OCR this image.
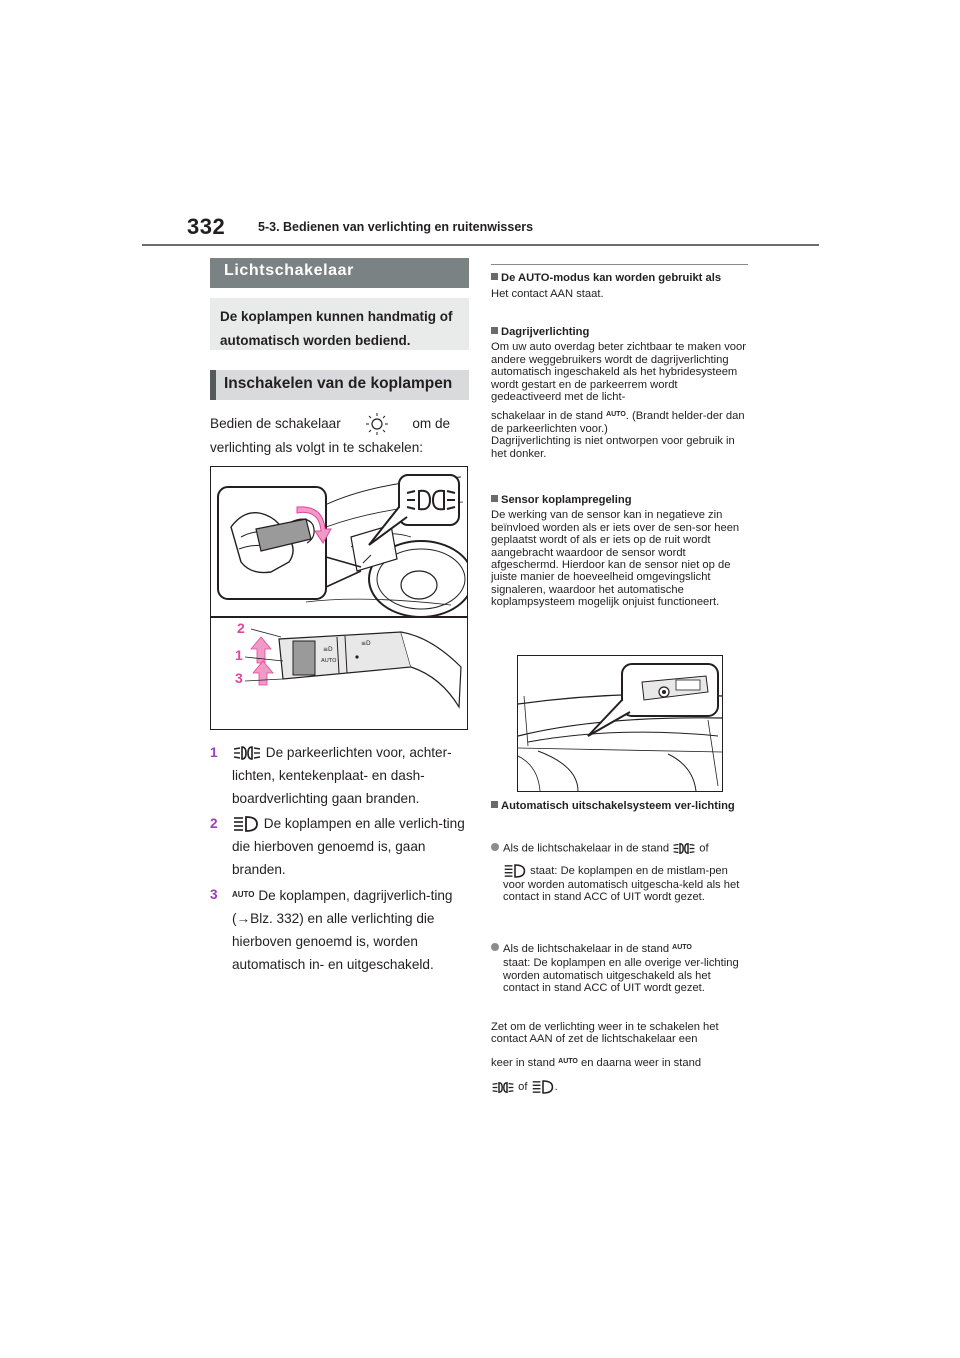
332	5-3. Bedienen van verlichting en ruitenwissers
Lichtschakelaar
De koplampen kunnen handmatig of automatisch worden bediend.
Inschakelen van de koplampen
Bedien de schakelaar	om de verlichting als volgt in te schakelen:
≡D
AUTO
≡D
2
1
3
1	De parkeerlichten voor, achter-lichten, kentekenplaat- en dash-boardverlichting gaan branden.
2	De koplampen en alle verlich-ting die hierboven genoemd is, gaan branden.
3 $^{AUTO}$ De koplampen, dagrijverlich-ting (→Blz. 332) en alle verlichting die hierboven genoemd is, worden automatisch in- en uitgeschakeld.
De AUTO-modus kan worden gebruikt als
Het contact AAN staat.
Dagrijverlichting
Om uw auto overdag beter zichtbaar te maken voor andere weggebruikers wordt de dagrijverlichting automatisch ingeschakeld als het hybridesysteem wordt gestart en de parkeerrem wordt gedeactiveerd met de licht-
schakelaar in de stand $^{AUTO}$. (Brandt helder-der dan de parkeerlichten voor.)
Dagrijverlichting is niet ontworpen voor gebruik in het donker.
Sensor koplampregeling
De werking van de sensor kan in negatieve zin beïnvloed worden als er iets over de sen-sor heen geplaatst wordt of als er iets op de ruit wordt aangebracht waardoor de sensor wordt afgeschermd. Hierdoor kan de sensor niet op de juiste manier de hoeveelheid omgevingslicht signaleren, waardoor het automatische koplampsysteem mogelijk onjuist functioneert.
Automatisch uitschakelsysteem ver-lichting
Als de lichtschakelaar in de stand	of
staat: De koplampen en de mistlam-pen voor worden automatisch uitgescha-keld als het contact in stand ACC of UIT wordt gezet.
Als de lichtschakelaar in de stand $^{AUTO}$
staat: De koplampen en alle overige ver-lichting worden automatisch uitgeschakeld als het contact in stand ACC of UIT wordt gezet.
Zet om de verlichting weer in te schakelen het contact AAN of zet de lichtschakelaar een
keer in stand $^{AUTO}$ en daarna weer in stand
of .
